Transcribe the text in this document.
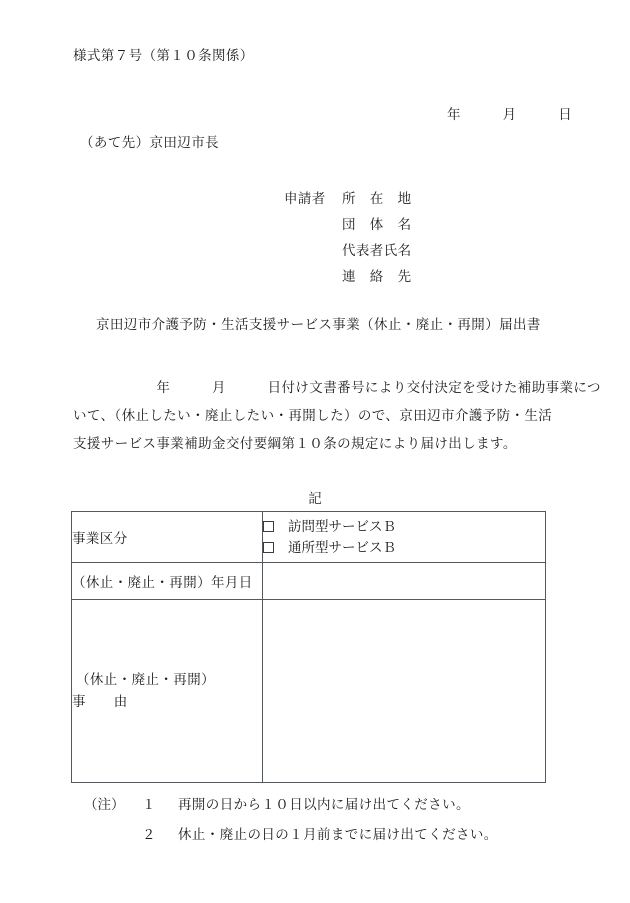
様式第７号（第１０条関係）
年　　　月　　　日
（あて先）京田辺市長
申請者	所　在　地
団　体　名
代表者氏名
連　絡　先
京田辺市介護予防・生活支援サービス事業（休止・廃止・再開）届出書
　　　　　　年　　　月　　　日付け文書番号により交付決定を受けた補助事業につ
いて、（休止したい・廃止したい・再開した）ので、京田辺市介護予防・生活
支援サービス事業補助金交付要綱第１０条の規定により届け出します。
記
事業区分	訪問型サービスＢ
通所型サービスＢ

（休止・廃止・再開）年月日	

（休止・廃止・再開）
事　　由	

（注）	１	再開の日から１０日以内に届け出てください。
２	休止・廃止の日の１月前までに届け出てください。
